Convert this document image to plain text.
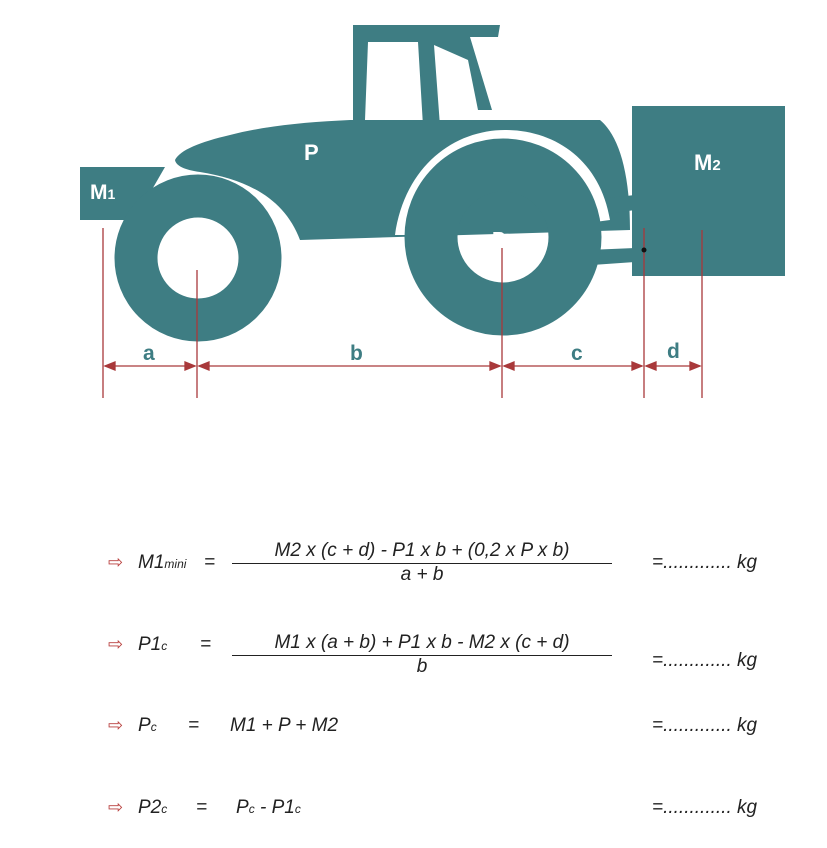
M1
M2
P
P1
P2
a	b	c	d
⇨ M1mini =
M2 x (c + d) - P1 x b + (0,2 x P x b)
a + b
=............. kg
⇨ P1c =	M1 x (a + b) + P1 x b - M2 x (c + d)
b	=............. kg
⇨ Pc = M1 + P + M2	=............. kg
⇨ P2c = Pc - P1c	=............. kg
